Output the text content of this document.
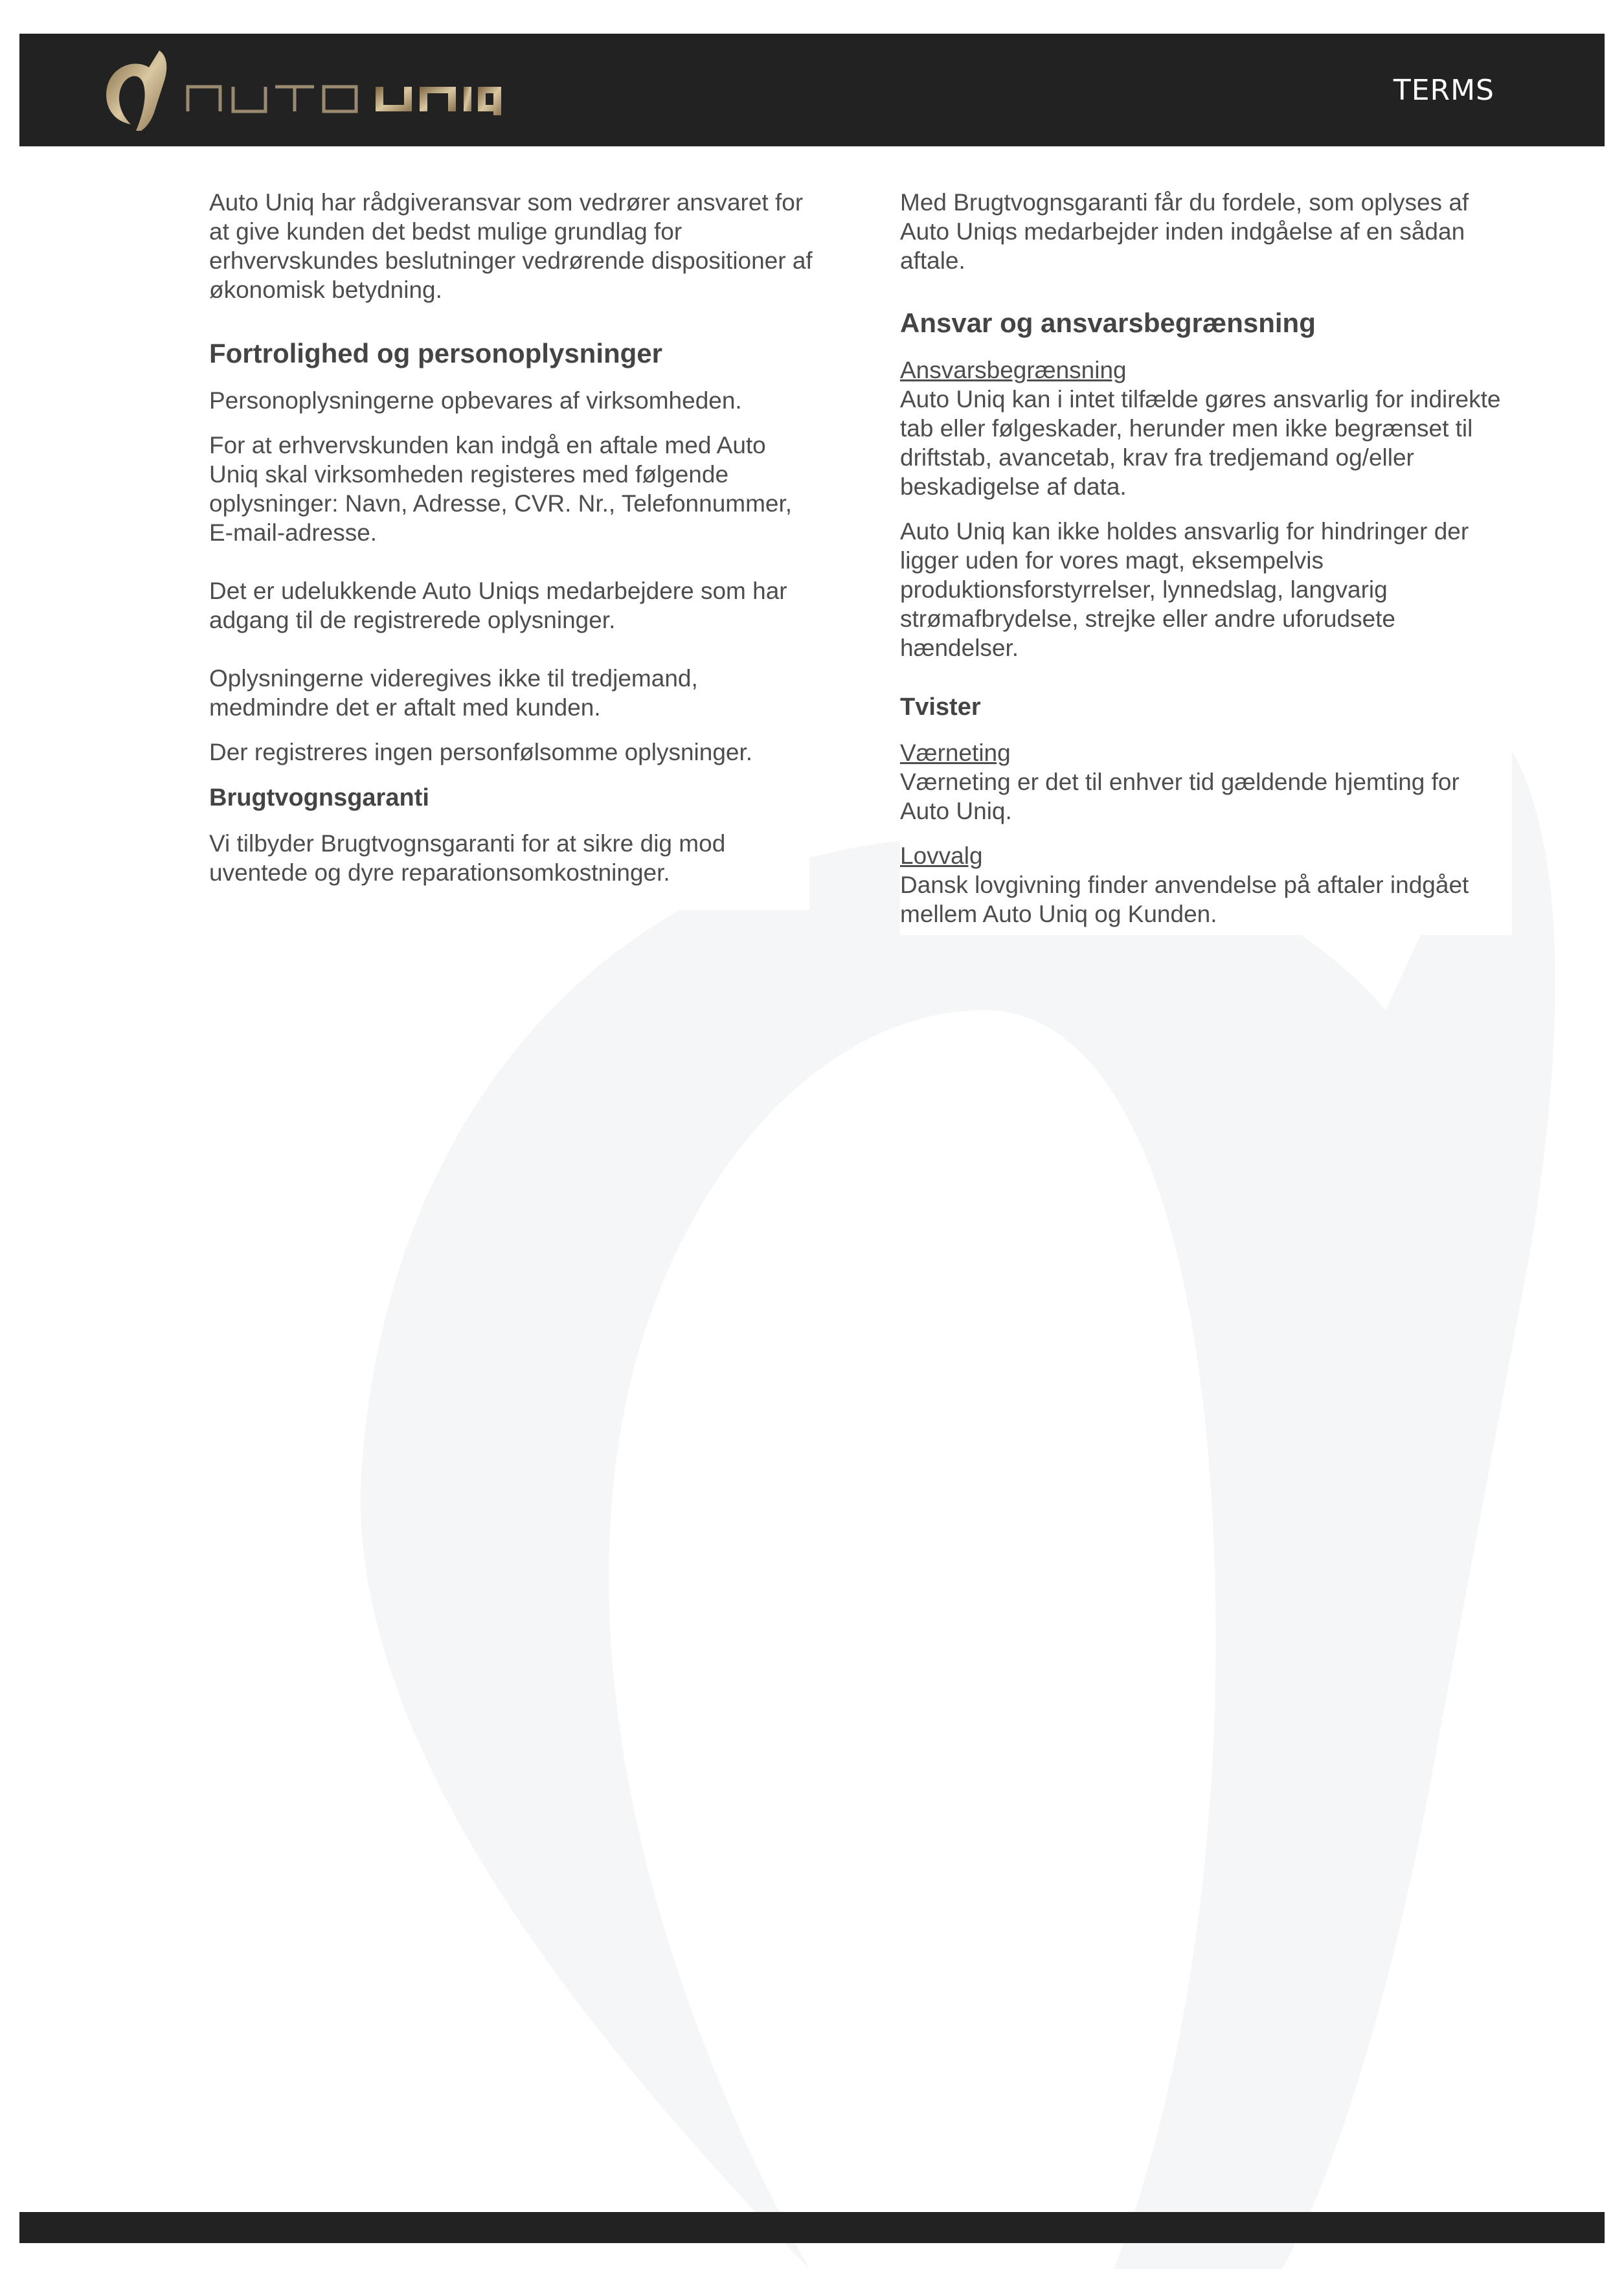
TERMS

Auto Uniq har rådgiveransvar som vedrører ansvaret for at give kunden det bedst mulige grundlag for erhvervskundes beslutninger vedrørende dispositioner af økonomisk betydning.

Fortrolighed og personoplysninger

Personoplysningerne opbevares af virksomheden.

For at erhvervskunden kan indgå en aftale med Auto Uniq skal virksomheden registeres med følgende oplysninger: Navn, Adresse, CVR. Nr., Telefonnummer, E-mail-adresse.

Det er udelukkende Auto Uniqs medarbejdere som har adgang til de registrerede oplysninger.

Oplysningerne videregives ikke til tredjemand, medmindre det er aftalt med kunden.

Der registreres ingen personfølsomme oplysninger.

Brugtvognsgaranti

Vi tilbyder Brugtvognsgaranti for at sikre dig mod uventede og dyre reparationsomkostninger.

Med Brugtvognsgaranti får du fordele, som oplyses af Auto Uniqs medarbejder inden indgåelse af en sådan aftale.

Ansvar og ansvarsbegrænsning

Ansvarsbegrænsning
Auto Uniq kan i intet tilfælde gøres ansvarlig for indirekte tab eller følgeskader, herunder men ikke begrænset til driftstab, avancetab, krav fra tredjemand og/eller beskadigelse af data.

Auto Uniq kan ikke holdes ansvarlig for hindringer der ligger uden for vores magt, eksempelvis produktionsforstyrrelser, lynnedslag, langvarig strømafbrydelse, strejke eller andre uforudsete hændelser.

Tvister

Værneting
Værneting er det til enhver tid gældende hjemting for Auto Uniq.

Lovvalg
Dansk lovgivning finder anvendelse på aftaler indgået mellem Auto Uniq og Kunden.
